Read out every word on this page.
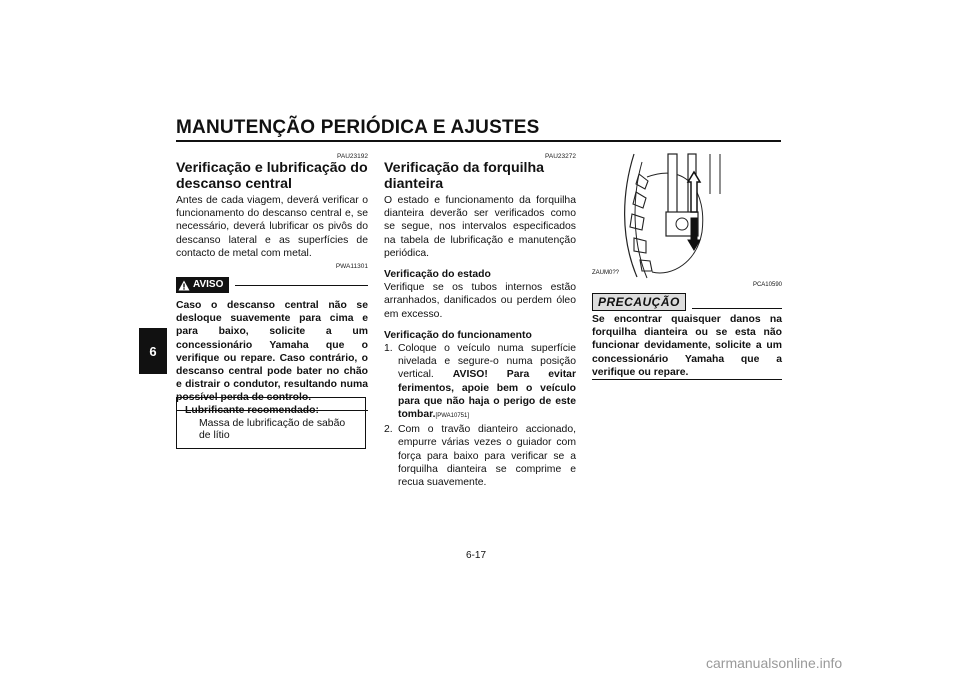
MANUTENÇÃO PERIÓDICA E AJUSTES
6
PAU23192
Verificação e lubrificação do descanso central

Antes de cada viagem, deverá verificar o funcionamento do descanso central e, se necessário, deverá lubrificar os pivôs do descanso lateral e as superfícies de contacto de metal com metal.

PWA11301
AVISO
Caso o descanso central não se desloque suavemente para cima e para baixo, solicite a um concessionário Yamaha que o verifique ou repare. Caso contrário, o descanso central pode bater no chão e distrair o condutor, resultando numa possível perda de controlo.
Lubrificante recomendado:
Massa de lubrificação de sabão de lítio
PAU23272
Verificação da forquilha dianteira

O estado e funcionamento da forquilha dianteira deverão ser verificados como se segue, nos intervalos especificados na tabela de lubrificação e manutenção periódica.

Verificação do estado

Verifique se os tubos internos estão arranhados, danificados ou perdem óleo em excesso.

Verificação do funcionamento
1. Coloque o veículo numa superfície nivelada e segure-o numa posição vertical. AVISO! Para evitar ferimentos, apoie bem o veículo para que não haja o perigo de este tombar.[PWA10751]
2. Com o travão dianteiro accionado, empurre várias vezes o guiador com força para baixo para verificar se a forquilha dianteira se comprime e recua suavemente.
ZAUM0??
PCA10590
PRECAUÇÃO
Se encontrar quaisquer danos na forquilha dianteira ou se esta não funcionar devidamente, solicite a um concessionário Yamaha que a verifique ou repare.
6-17
carmanualsonline.info
